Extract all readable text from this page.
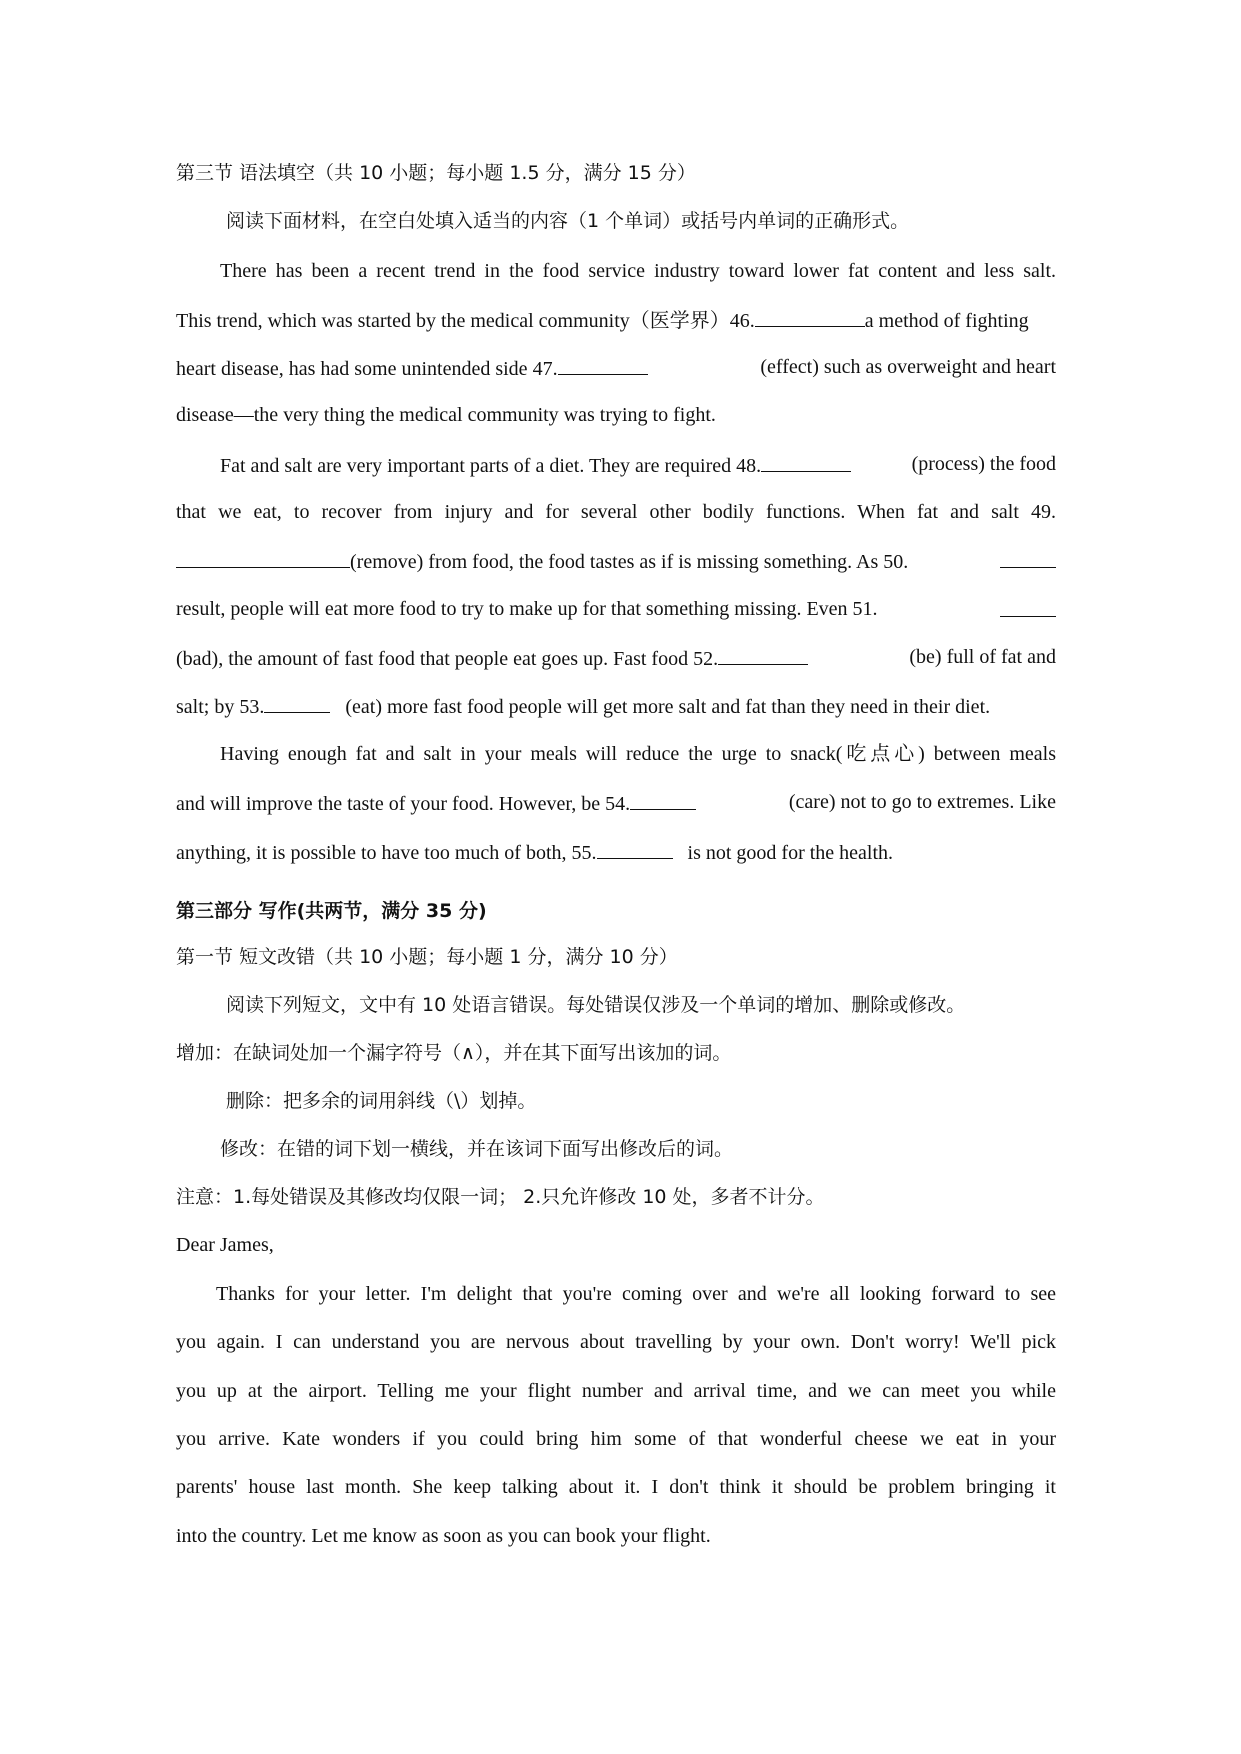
第三节 语法填空（共 10 小题；每小题 1.5 分，满分 15 分）
阅读下面材料，在空白处填入适当的内容（1 个单词）或括号内单词的正确形式。
There has been a recent trend in the food service industry toward lower fat content and less salt.
This trend, which was started by the medical community（医学界）46.	a method of fighting
heart disease, has had some unintended side 47.	(effect) such as overweight and heart
disease—the very thing the medical community was trying to fight.
Fat and salt are very important parts of a diet. They are required 48.	(process) the food
that we eat, to recover from injury and for several other bodily functions. When fat and salt 49.
(remove) from food, the food tastes as if is missing something. As 50.
result, people will eat more food to try to make up for that something missing. Even 51.
(bad), the amount of fast food that people eat goes up. Fast food 52.	(be) full of fat and
salt; by 53.	(eat) more fast food people will get more salt and fat than they need in their diet.
Having enough fat and salt in your meals will reduce the urge to snack(吃点心) between meals
and will improve the taste of your food. However, be 54.	(care) not to go to extremes. Like
anything, it is possible to have too much of both, 55.	is not good for the health.
第三部分 写作(共两节，满分 35 分)
第一节 短文改错（共 10 小题；每小题 1 分，满分 10 分）
阅读下列短文，文中有 10 处语言错误。每处错误仅涉及一个单词的增加、删除或修改。
增加：在缺词处加一个漏字符号（∧），并在其下面写出该加的词。
删除：把多余的词用斜线（\）划掉。
修改：在错的词下划一横线，并在该词下面写出修改后的词。
注意：1.每处错误及其修改均仅限一词； 2.只允许修改 10 处，多者不计分。
Dear James,
Thanks for your letter. I'm delight that you're coming over and we're all looking forward to see
you again. I can understand you are nervous about travelling by your own. Don't worry! We'll pick
you up at the airport. Telling me your flight number and arrival time, and we can meet you while
you arrive. Kate wonders if you could bring him some of that wonderful cheese we eat in your
parents' house last month. She keep talking about it. I don't think it should be problem bringing it
into the country. Let me know as soon as you can book your flight.
